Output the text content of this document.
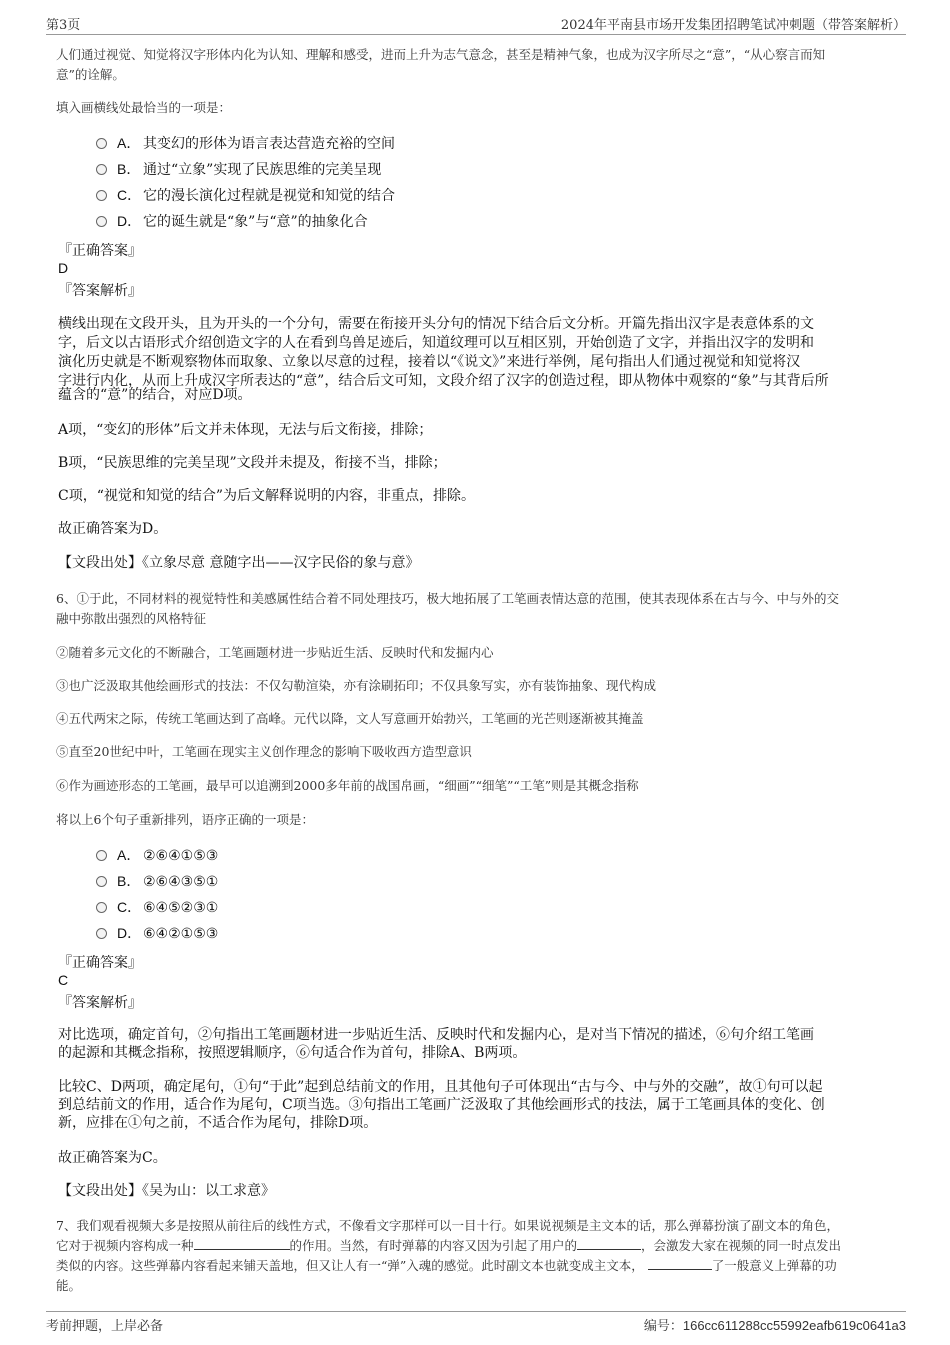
第3页	2024年平南县市场开发集团招聘笔试冲刺题（带答案解析）
人们通过视觉、知觉将汉字形体内化为认知、理解和感受，进而上升为志气意念，甚至是精神气象，也成为汉字所尽之“意”，“从心察言而知
意”的诠解。
填入画横线处最恰当的一项是：
A． 其变幻的形体为语言表达营造充裕的空间
B． 通过“立象”实现了民族思维的完美呈现
C． 它的漫长演化过程就是视觉和知觉的结合
D． 它的诞生就是“象”与“意”的抽象化合
『正确答案』
D
『答案解析』
横线出现在文段开头，且为开头的一个分句，需要在衔接开头分句的情况下结合后文分析。开篇先指出汉字是表意体系的文
字，后文以古语形式介绍创造文字的人在看到鸟兽足迹后，知道纹理可以互相区别，开始创造了文字，并指出汉字的发明和
演化历史就是不断观察物体而取象、立象以尽意的过程，接着以“《说文》”来进行举例，尾句指出人们通过视觉和知觉将汉
字进行内化，从而上升成汉字所表达的“意”，结合后文可知，文段介绍了汉字的创造过程，即从物体中观察的“象”与其背后所
蕴含的“意”的结合，对应D项。
A项，“变幻的形体”后文并未体现，无法与后文衔接，排除；
B项，“民族思维的完美呈现”文段并未提及，衔接不当，排除；
C项，“视觉和知觉的结合”为后文解释说明的内容，非重点，排除。
故正确答案为D。
【文段出处】《立象尽意 意随字出——汉字民俗的象与意》
6、①于此，不同材料的视觉特性和美感属性结合着不同处理技巧，极大地拓展了工笔画表情达意的范围，使其表现体系在古与今、中与外的交
融中弥散出强烈的风格特征
②随着多元文化的不断融合，工笔画题材进一步贴近生活、反映时代和发掘内心
③也广泛汲取其他绘画形式的技法：不仅勾勒渲染，亦有涂刷拓印；不仅具象写实，亦有装饰抽象、现代构成
④五代两宋之际，传统工笔画达到了高峰。元代以降，文人写意画开始勃兴，工笔画的光芒则逐渐被其掩盖
⑤直至20世纪中叶，工笔画在现实主义创作理念的影响下吸收西方造型意识
⑥作为画迹形态的工笔画，最早可以追溯到2000多年前的战国帛画，“细画”“细笔”“工笔”则是其概念指称
将以上6个句子重新排列，语序正确的一项是：
A． ②⑥④①⑤③
B． ②⑥④③⑤①
C． ⑥④⑤②③①
D． ⑥④②①⑤③
『正确答案』
C
『答案解析』
对比选项，确定首句，②句指出工笔画题材进一步贴近生活、反映时代和发掘内心，是对当下情况的描述，⑥句介绍工笔画
的起源和其概念指称，按照逻辑顺序，⑥句适合作为首句，排除A、B两项。
比较C、D两项，确定尾句，①句“于此”起到总结前文的作用，且其他句子可体现出“古与今、中与外的交融”，故①句可以起
到总结前文的作用，适合作为尾句，C项当选。③句指出工笔画广泛汲取了其他绘画形式的技法，属于工笔画具体的变化、创
新，应排在①句之前，不适合作为尾句，排除D项。
故正确答案为C。
【文段出处】《吴为山：以工求意》
7、我们观看视频大多是按照从前往后的线性方式，不像看文字那样可以一目十行。如果说视频是主文本的话，那么弹幕扮演了副文本的角色，
它对于视频内容构成一种	的作用。当然，有时弹幕的内容又因为引起了用户的	，会激发大家在视频的同一时点发出
类似的内容。这些弹幕内容看起来铺天盖地，但又让人有一“弹”入魂的感觉。此时副文本也就变成主文本，	了一般意义上弹幕的功
能。
考前押题，上岸必备	编号：166cc611288cc55992eafb619c0641a3
